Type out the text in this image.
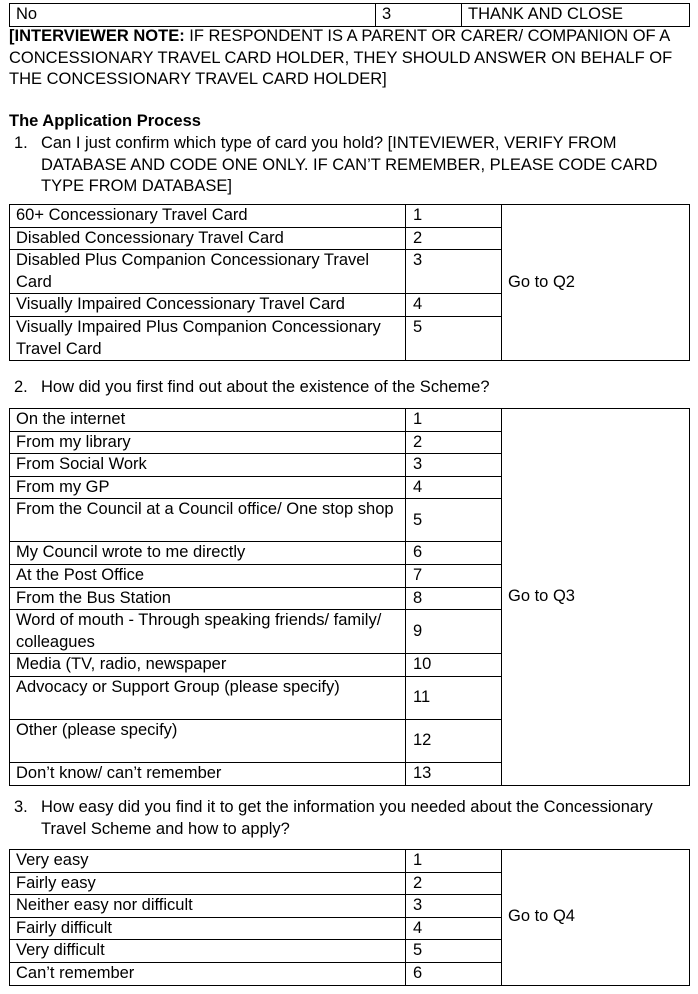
No	3	THANK AND CLOSE
[INTERVIEWER NOTE: IF RESPONDENT IS A PARENT OR CARER/ COMPANION OF A CONCESSIONARY TRAVEL CARD HOLDER, THEY SHOULD ANSWER ON BEHALF OF THE CONCESSIONARY TRAVEL CARD HOLDER]
The Application Process
1. Can I just confirm which type of card you hold? [INTEVIEWER, VERIFY FROM DATABASE AND CODE ONE ONLY. IF CAN’T REMEMBER, PLEASE CODE CARD TYPE FROM DATABASE]
60+ Concessionary Travel Card	1	Go to Q2
Disabled Concessionary Travel Card	2	
Disabled Plus Companion Concessionary Travel Card	3	
Visually Impaired Concessionary Travel Card	4	
Visually Impaired Plus Companion Concessionary Travel Card	5	
2. How did you first find out about the existence of the Scheme?
On the internet	1	Go to Q3
From my library	2	
From Social Work	3	
From my GP	4	
From the Council at a Council office/ One stop shop	5	
My Council wrote to me directly	6	
At the Post Office	7	
From the Bus Station	8	
Word of mouth - Through speaking friends/ family/ colleagues	9	
Media (TV, radio, newspaper	10	
Advocacy or Support Group (please specify)	11	
Other (please specify)	12	
Don’t know/ can’t remember	13	
3. How easy did you find it to get the information you needed about the Concessionary Travel Scheme and how to apply?
Very easy	1	Go to Q4
Fairly easy	2	
Neither easy nor difficult	3	
Fairly difficult	4	
Very difficult	5	
Can’t remember	6	
